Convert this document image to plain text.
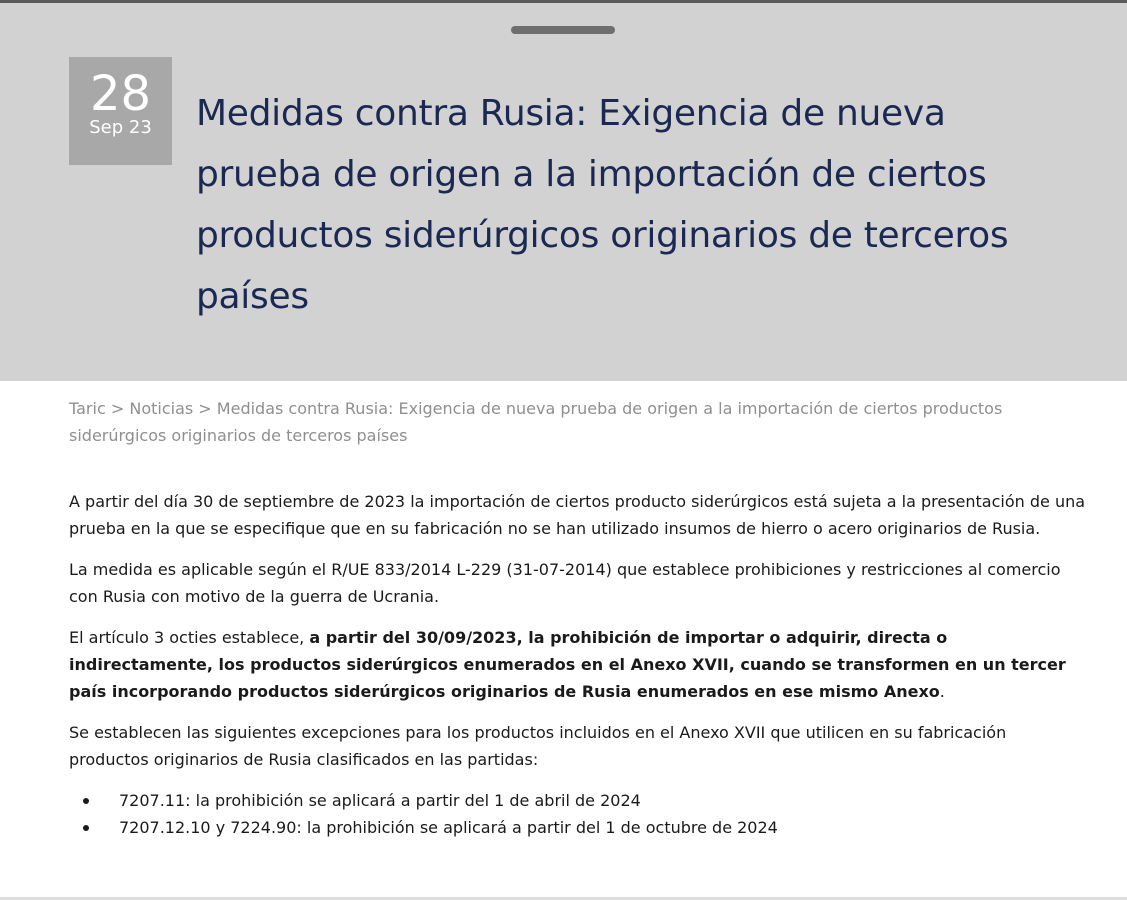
28
Sep 23	Medidas contra Rusia: Exigencia de nueva prueba de origen a la importación de ciertos productos siderúrgicos originarios de terceros países
Taric > Noticias > Medidas contra Rusia: Exigencia de nueva prueba de origen a la importación de ciertos productos siderúrgicos originarios de terceros países

A partir del día 30 de septiembre de 2023 la importación de ciertos producto siderúrgicos está sujeta a la presentación de una prueba en la que se especifique que en su fabricación no se han utilizado insumos de hierro o acero originarios de Rusia.

La medida es aplicable según el R/UE 833/2014 L-229 (31-07-2014) que establece prohibiciones y restricciones al comercio con Rusia con motivo de la guerra de Ucrania.

El artículo 3 octies establece, a partir del 30/09/2023, la prohibición de importar o adquirir, directa o indirectamente, los productos siderúrgicos enumerados en el Anexo XVII, cuando se transformen en un tercer país incorporando productos siderúrgicos originarios de Rusia enumerados en ese mismo Anexo.

Se establecen las siguientes excepciones para los productos incluidos en el Anexo XVII que utilicen en su fabricación productos originarios de Rusia clasificados en las partidas:

7207.11: la prohibición se aplicará a partir del 1 de abril de 2024
7207.12.10 y 7224.90: la prohibición se aplicará a partir del 1 de octubre de 2024
